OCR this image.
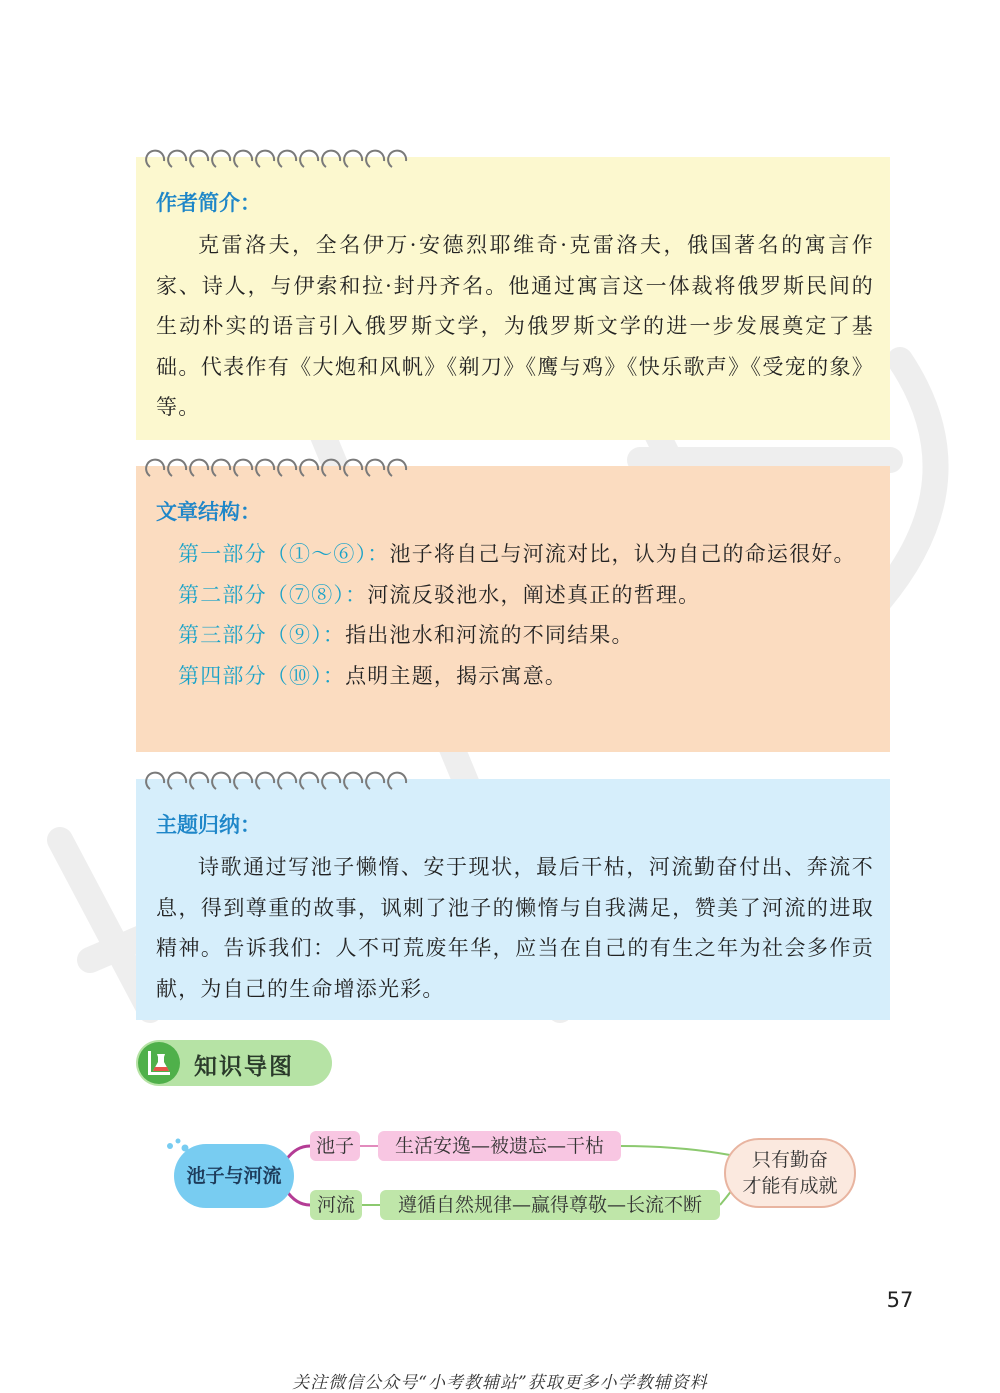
作者简介：

克雷洛夫，全名伊万·安德烈耶维奇·克雷洛夫，俄国著名的寓言作家、诗人，与伊索和拉·封丹齐名。他通过寓言这一体裁将俄罗斯民间的生动朴实的语言引入俄罗斯文学，为俄罗斯文学的进一步发展奠定了基础。代表作有《大炮和风帆》《剃刀》《鹰与鸡》《快乐歌声》《受宠的象》等。

文章结构：
第一部分（①～⑥）：池子将自己与河流对比，认为自己的命运很好。
第二部分（⑦⑧）：河流反驳池水，阐述真正的哲理。
第三部分（⑨）：指出池水和河流的不同结果。
第四部分（⑩）：点明主题，揭示寓意。
主题归纳：

诗歌通过写池子懒惰、安于现状，最后干枯，河流勤奋付出、奔流不息，得到尊重的故事，讽刺了池子的懒惰与自我满足，赞美了河流的进取精神。告诉我们：人不可荒废年华，应当在自己的有生之年为社会多作贡献，为自己的生命增添光彩。

知识导图
池子与河流
池子	生活安逸—被遗忘—干枯
河流	遵循自然规律—赢得尊敬—长流不断
只有勤奋
才能有成就
57
关注微信公众号“小考教辅站”获取更多小学教辅资料
